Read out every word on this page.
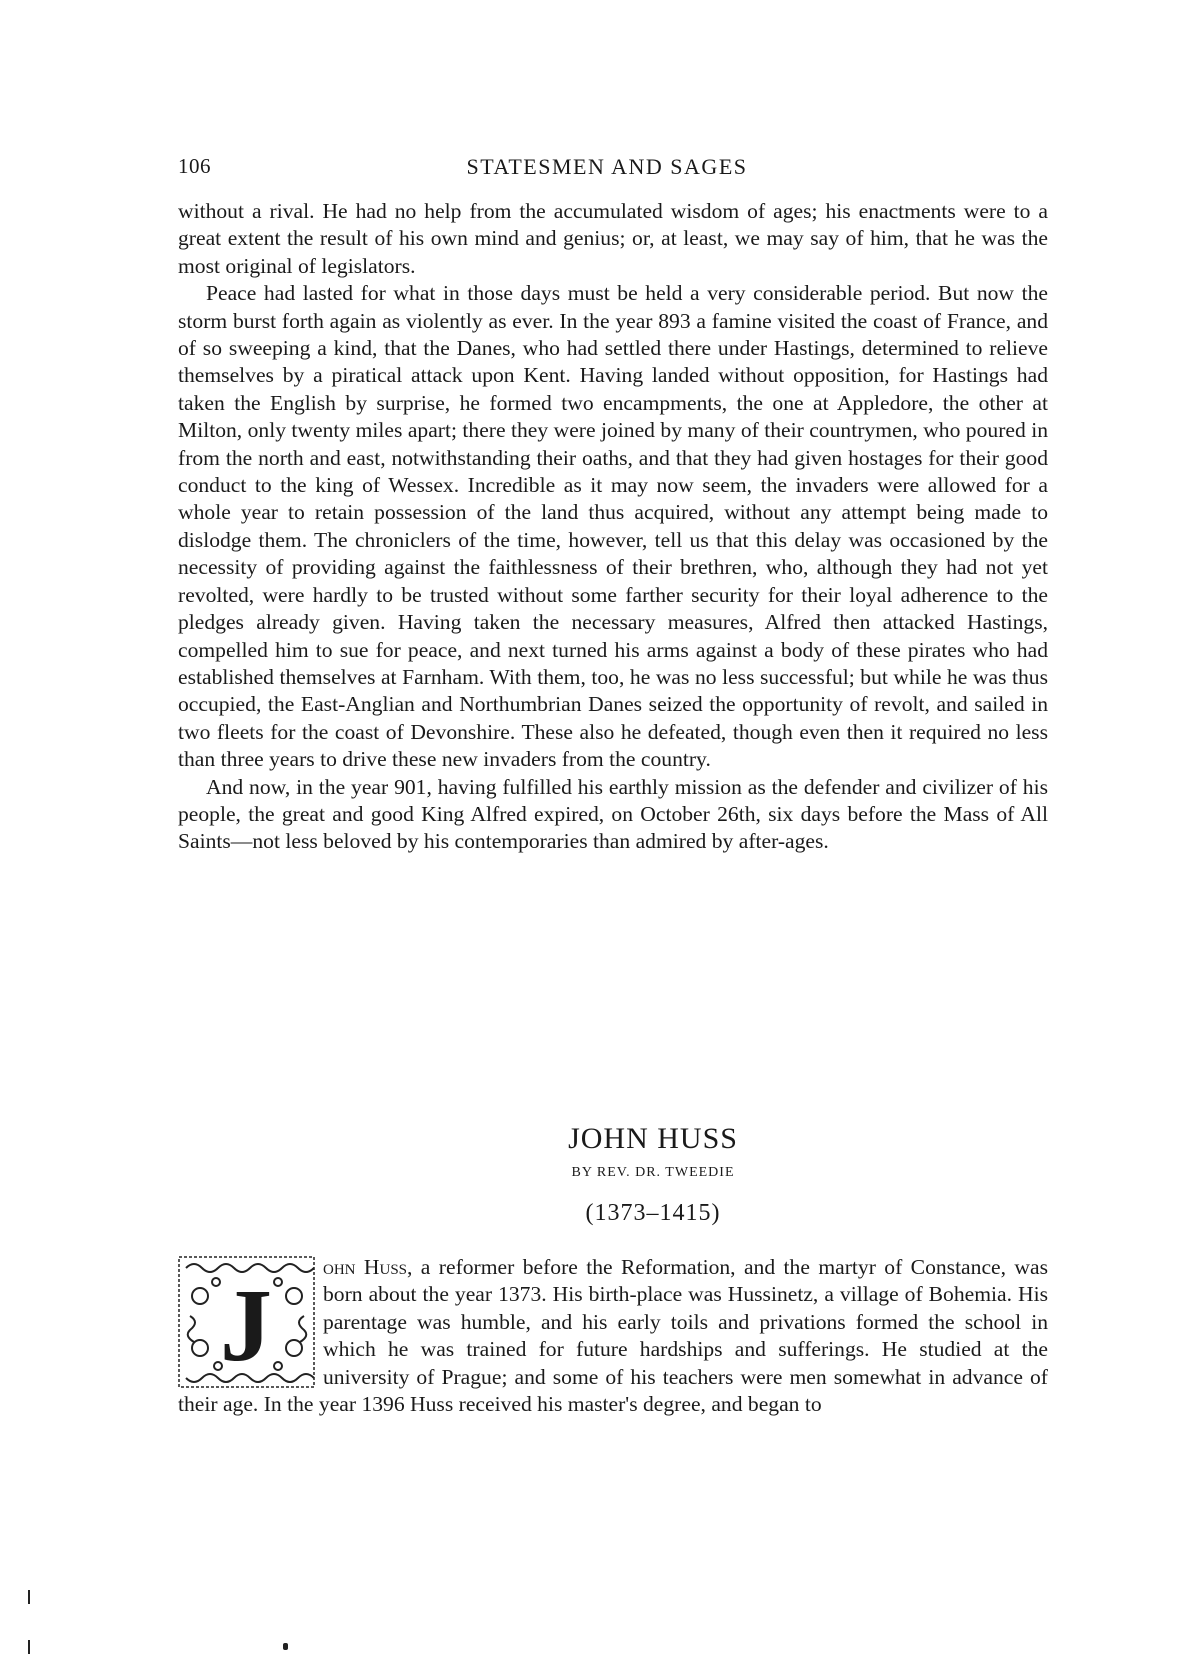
106	STATESMEN AND SAGES

without a rival. He had no help from the accumulated wisdom of ages; his enactments were to a great extent the result of his own mind and genius; or, at least, we may say of him, that he was the most original of legislators.

Peace had lasted for what in those days must be held a very considerable period. But now the storm burst forth again as violently as ever. In the year 893 a famine visited the coast of France, and of so sweeping a kind, that the Danes, who had settled there under Hastings, determined to relieve themselves by a piratical attack upon Kent. Having landed without opposition, for Hastings had taken the English by surprise, he formed two encampments, the one at Appledore, the other at Milton, only twenty miles apart; there they were joined by many of their countrymen, who poured in from the north and east, notwithstanding their oaths, and that they had given hostages for their good conduct to the king of Wessex. Incredible as it may now seem, the invaders were allowed for a whole year to retain possession of the land thus acquired, without any attempt being made to dislodge them. The chroniclers of the time, however, tell us that this delay was occasioned by the necessity of providing against the faithlessness of their brethren, who, although they had not yet revolted, were hardly to be trusted without some farther security for their loyal adherence to the pledges already given. Having taken the necessary measures, Alfred then attacked Hastings, compelled him to sue for peace, and next turned his arms against a body of these pirates who had established themselves at Farnham. With them, too, he was no less successful; but while he was thus occupied, the East-Anglian and Northumbrian Danes seized the opportunity of revolt, and sailed in two fleets for the coast of Devonshire. These also he defeated, though even then it required no less than three years to drive these new invaders from the country.

And now, in the year 901, having fulfilled his earthly mission as the defender and civilizer of his people, the great and good King Alfred expired, on October 26th, six days before the Mass of All Saints—not less beloved by his contemporaries than admired by after-ages.

JOHN HUSS
BY REV. DR. TWEEDIE
(1373–1415)
J
ohn Huss, a reformer before the Reformation, and the martyr of Constance, was born about the year 1373. His birth-place was Hussinetz, a village of Bohemia. His parentage was humble, and his early toils and privations formed the school in which he was trained for future hardships and sufferings. He studied at the university of Prague; and some of his teachers were men somewhat in advance of their age. In the year 1396 Huss received his master's degree, and began to
